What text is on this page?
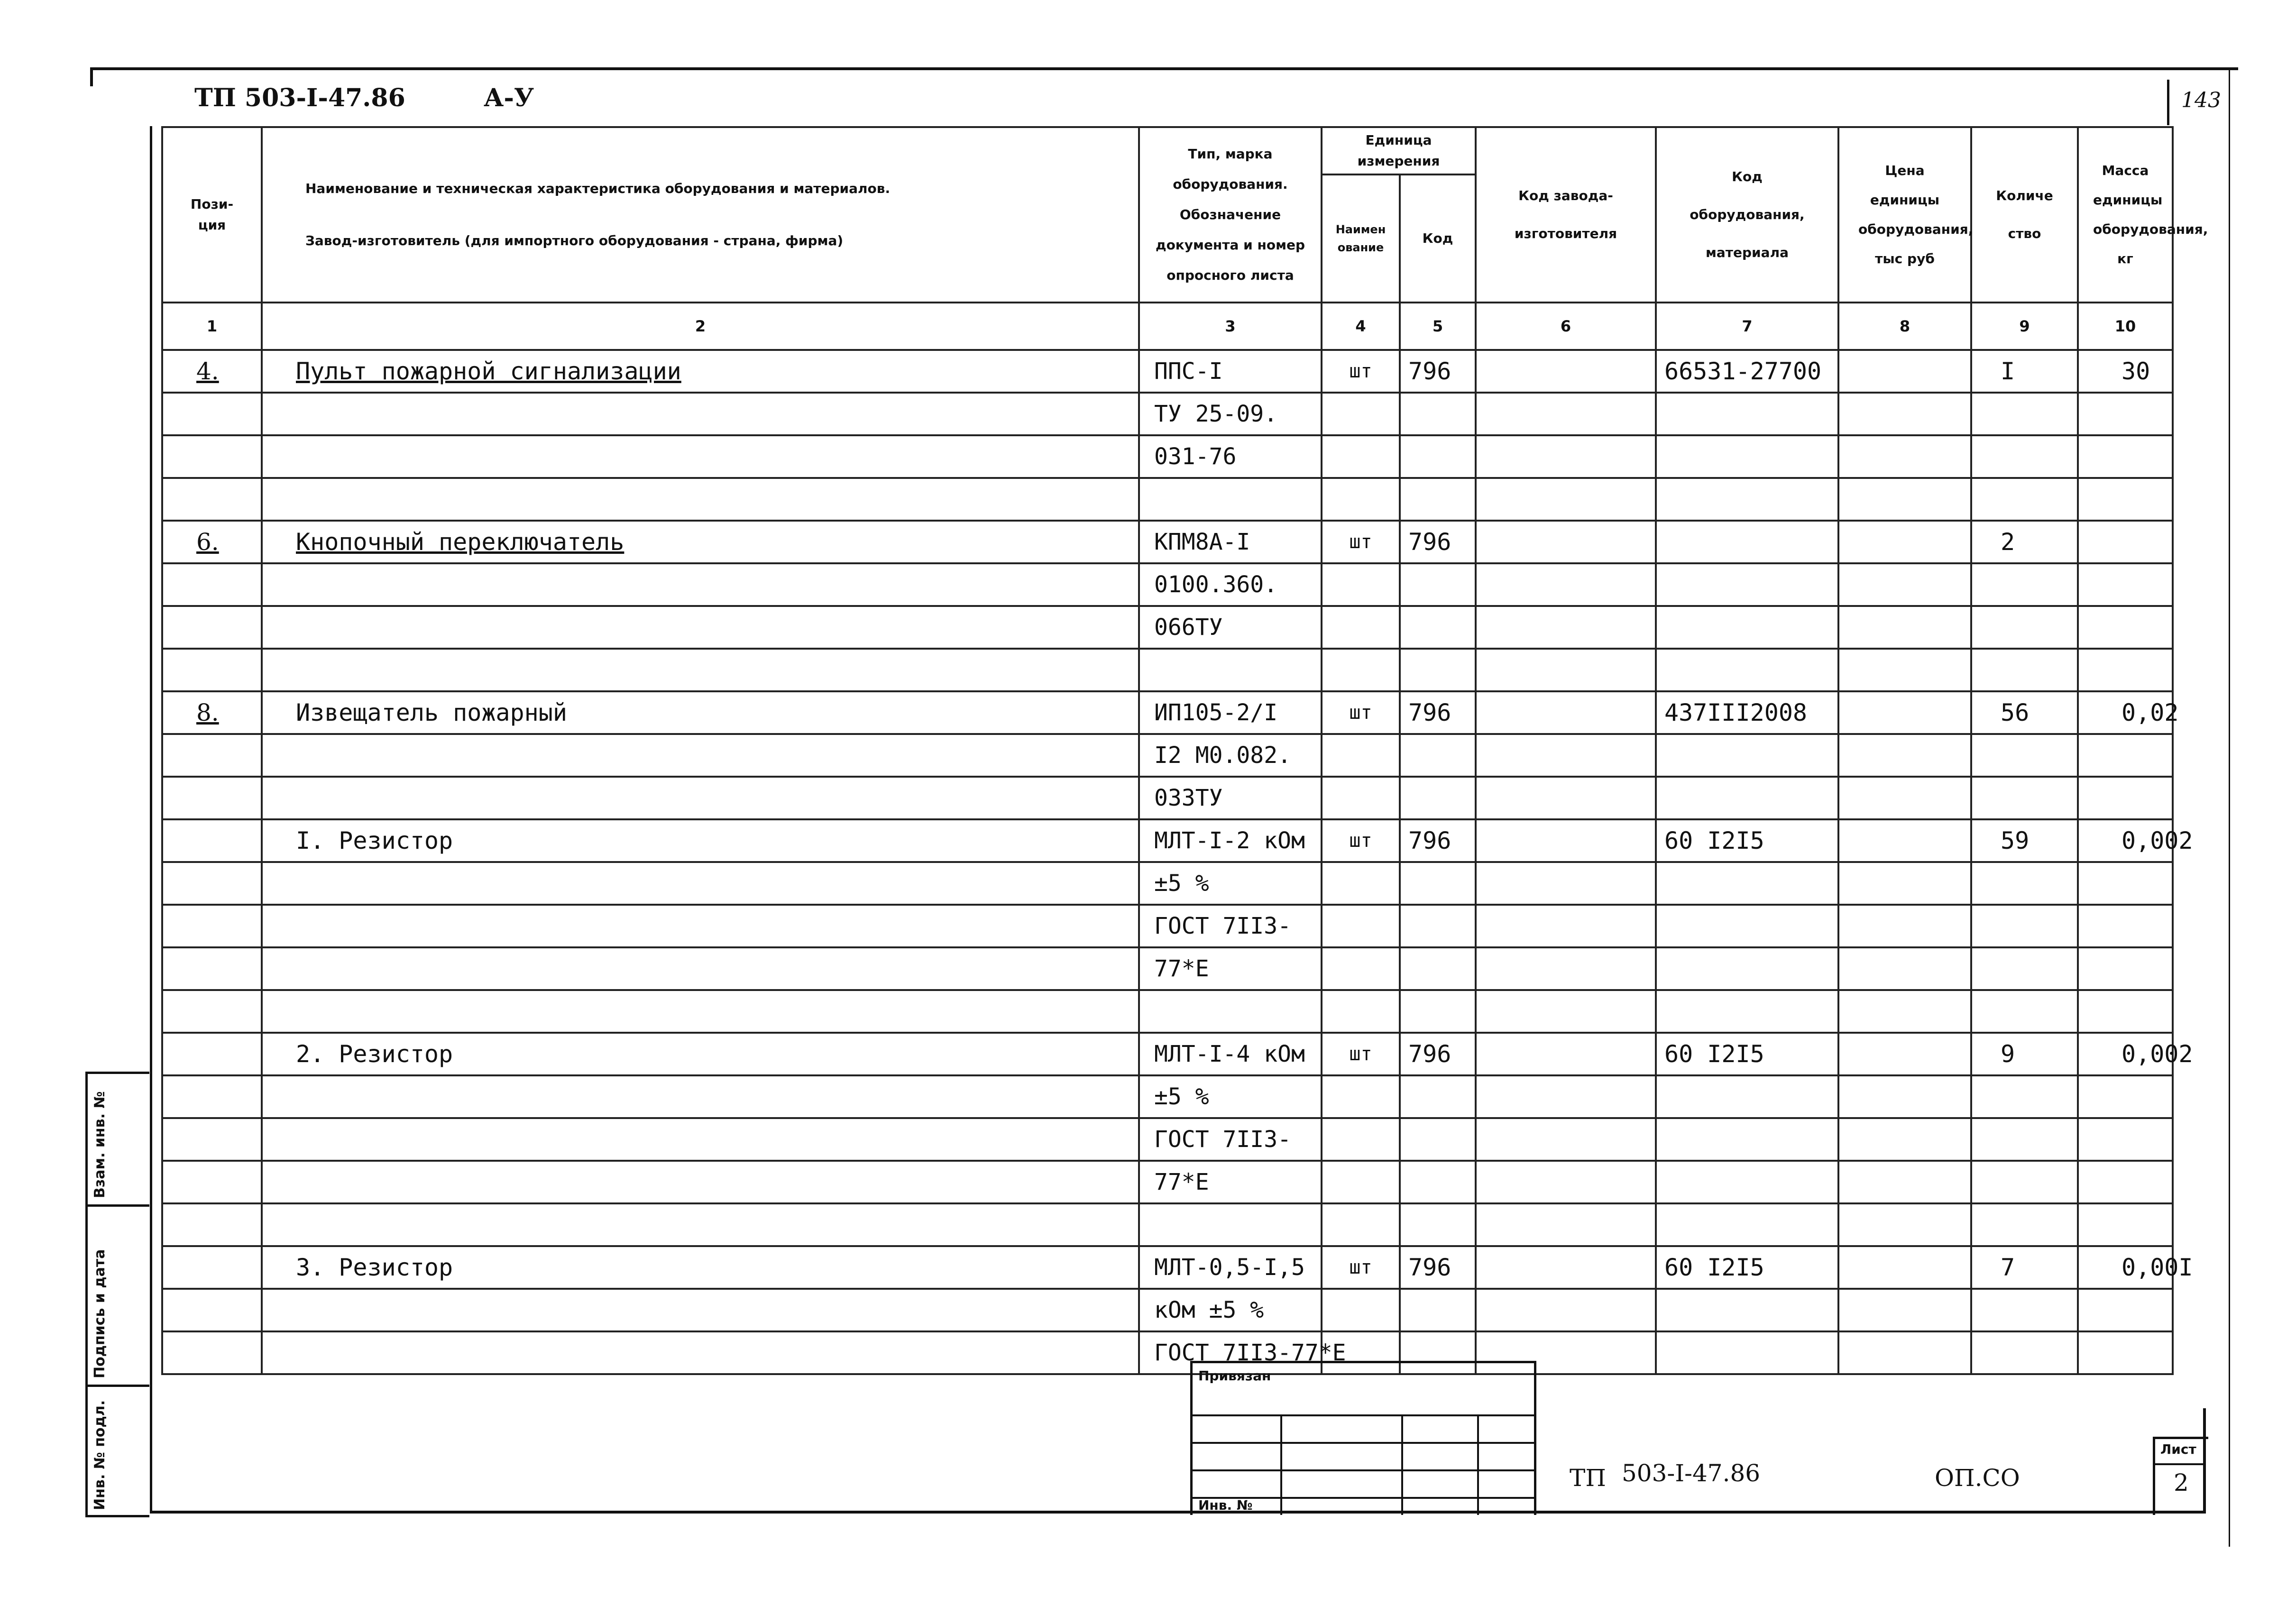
ТП 503-I-47.86	А-У	143
Пози-
ция	Наименование и техническая характеристика оборудования и материалов.
Завод-изготовитель (для импортного оборудования - страна, фирма)	Тип, марка оборудования. Обозначение документа и номер опросного листа	Единица измерения		Код завода-изготовителя	Код оборудования, материала	Цена единицы оборудования, тыс руб	Количество	Масса единицы оборудования, кг
			Наименование	Код					
1	2	3	4	5	6	7	8	9	10
4.	Пульт пожарной сигнализации	ППС-I	шт	796		66531-27700		I	30
		ТУ 25-09.							
		031-76							

6.	Кнопочный переключатель	КПМ8А-I	шт	796				2	
		0100.360.							
		066ТУ							

8.	Извещатель пожарный	ИП105-2/I	шт	796		437III2008		56	0,02
		I2 М0.082.							
		033ТУ							
	I. Резистор	МЛТ-I-2 кОм	шт	796		60 I2I5		59	0,002
		±5 %							
		ГОСТ 7II3-							
		77*Е							

	2. Резистор	МЛТ-I-4 кОм	шт	796		60 I2I5		9	0,002
		±5 %							
		ГОСТ 7II3-							
		77*Е							

	3. Резистор	МЛТ-0,5-I,5	шт	796		60 I2I5		7	0,00I
		кОм ±5 %							
		ГОСТ 7II3-77*Е							
Взам. инв. №
Подпись и дата
Инв. № подл.
Привязан
Инв. №
ТП 503-I-47.86	ОП.СО
Лист
2
